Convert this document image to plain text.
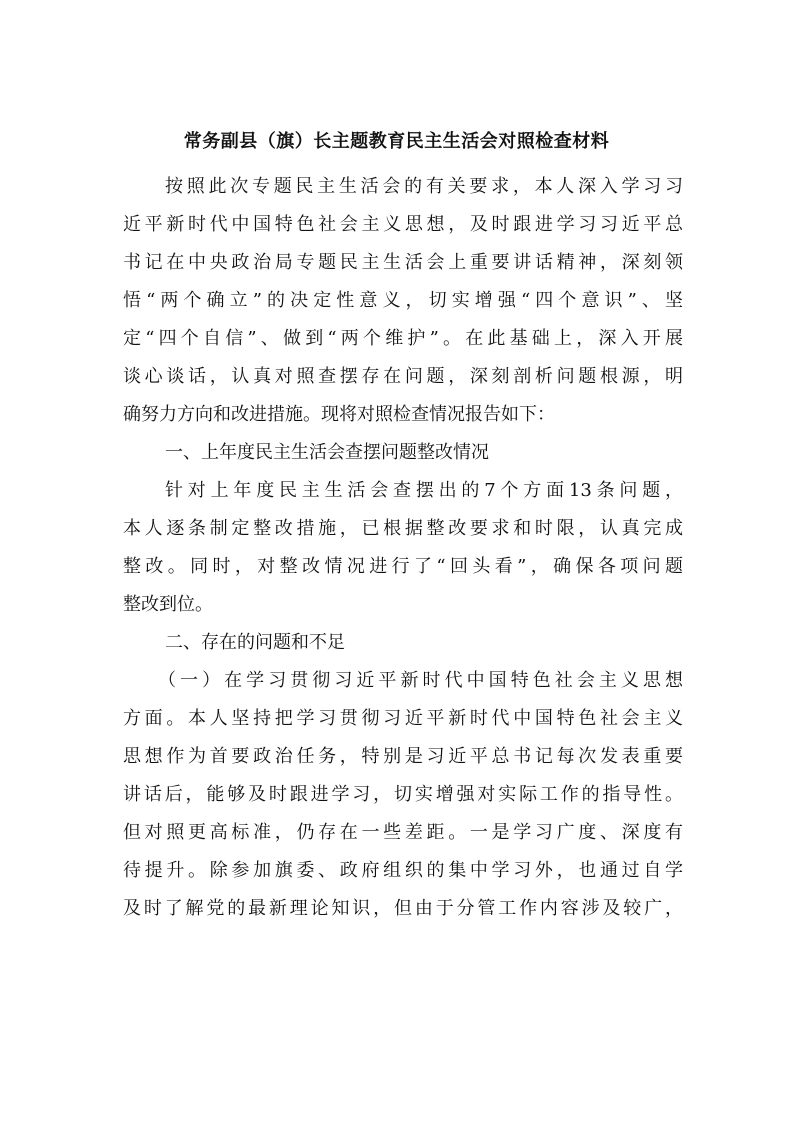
常务副县（旗）长主题教育民主生活会对照检查材料
按照此次专题民主生活会的有关要求，本人深入学习习
近平新时代中国特色社会主义思想，及时跟进学习习近平总
书记在中央政治局专题民主生活会上重要讲话精神，深刻领
悟“两个确立”的决定性意义，切实增强“四个意识”、坚
定“四个自信”、做到“两个维护”。在此基础上，深入开展
谈心谈话，认真对照查摆存在问题，深刻剖析问题根源，明
确努力方向和改进措施。现将对照检查情况报告如下：
一、上年度民主生活会查摆问题整改情况
针对上年度民主生活会查摆出的7个方面13条问题，
本人逐条制定整改措施，已根据整改要求和时限，认真完成
整改。同时，对整改情况进行了“回头看”，确保各项问题
整改到位。
二、存在的问题和不足
（一）在学习贯彻习近平新时代中国特色社会主义思想
方面。本人坚持把学习贯彻习近平新时代中国特色社会主义
思想作为首要政治任务，特别是习近平总书记每次发表重要
讲话后，能够及时跟进学习，切实增强对实际工作的指导性。
但对照更高标准，仍存在一些差距。一是学习广度、深度有
待提升。除参加旗委、政府组织的集中学习外，也通过自学
及时了解党的最新理论知识，但由于分管工作内容涉及较广，
